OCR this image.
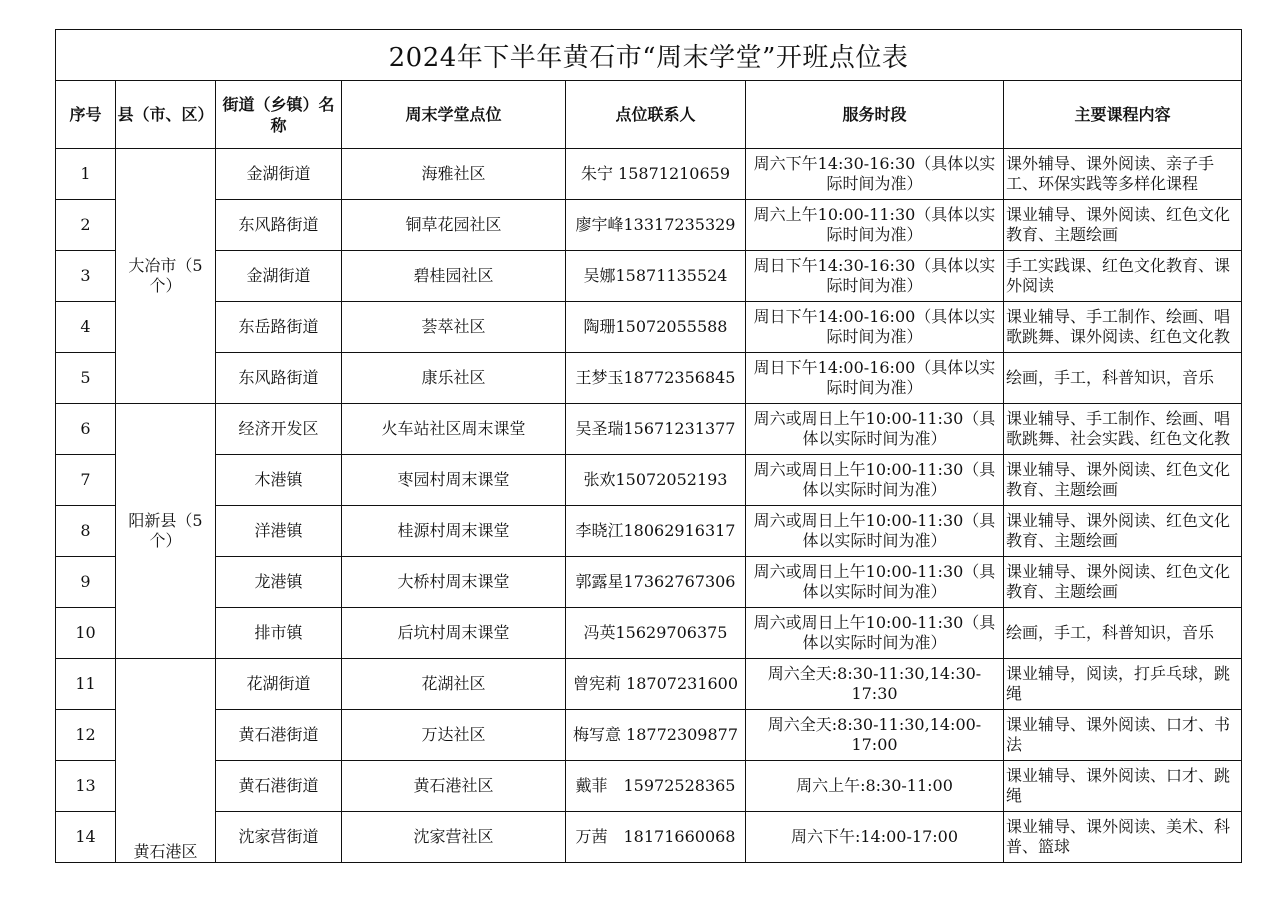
2024年下半年黄石市“周末学堂”开班点位表						
序号	县（市、区）	街道（乡镇）名称	周末学堂点位	点位联系人	服务时段	主要课程内容
1	大冶市（5个）	金湖街道	海雅社区	朱宁 15871210659	周六下午14:30-16:30（具体以实际时间为准）	课外辅导、课外阅读、亲子手工、环保实践等多样化课程

2		东风路街道	铜草花园社区	廖宇峰13317235329	周六上午10:00-11:30（具体以实际时间为准）	课业辅导、课外阅读、红色文化教育、主题绘画

3		金湖街道	碧桂园社区	吴娜15871135524	周日下午14:30-16:30（具体以实际时间为准）	手工实践课、红色文化教育、课外阅读

4		东岳路街道	荟萃社区	陶珊15072055588	周日下午14:00-16:00（具体以实际时间为准）	课业辅导、手工制作、绘画、唱歌跳舞、课外阅读、红色文化教

5		东风路街道	康乐社区	王梦玉18772356845	周日下午14:00-16:00（具体以实际时间为准）	绘画，手工，科普知识，音乐

6	阳新县（5个）	经济开发区	火车站社区周末课堂	吴圣瑞15671231377	周六或周日上午10:00-11:30（具体以实际时间为准）	课业辅导、手工制作、绘画、唱歌跳舞、社会实践、红色文化教

7		木港镇	枣园村周末课堂	张欢15072052193	周六或周日上午10:00-11:30（具体以实际时间为准）	课业辅导、课外阅读、红色文化教育、主题绘画

8		洋港镇	桂源村周末课堂	李晓江18062916317	周六或周日上午10:00-11:30（具体以实际时间为准）	课业辅导、课外阅读、红色文化教育、主题绘画

9		龙港镇	大桥村周末课堂	郭露星17362767306	周六或周日上午10:00-11:30（具体以实际时间为准）	课业辅导、课外阅读、红色文化教育、主题绘画

10		排市镇	后坑村周末课堂	冯英15629706375	周六或周日上午10:00-11:30（具体以实际时间为准）	绘画，手工，科普知识，音乐

11	黄石港区	花湖街道	花湖社区	曾宪莉 18707231600	周六全天:8:30-11:30,14:30-17:30	课业辅导，阅读，打乒乓球，跳绳

12		黄石港街道	万达社区	梅写意 18772309877	周六全天:8:30-11:30,14:00-17:00	课业辅导、课外阅读、口才、书法

13		黄石港街道	黄石港社区	戴菲　15972528365	周六上午:8:30-11:00	课业辅导、课外阅读、口才、跳绳

14		沈家营街道	沈家营社区	万茜　18171660068	周六下午:14:00-17:00	课业辅导、课外阅读、美术、科普、篮球
